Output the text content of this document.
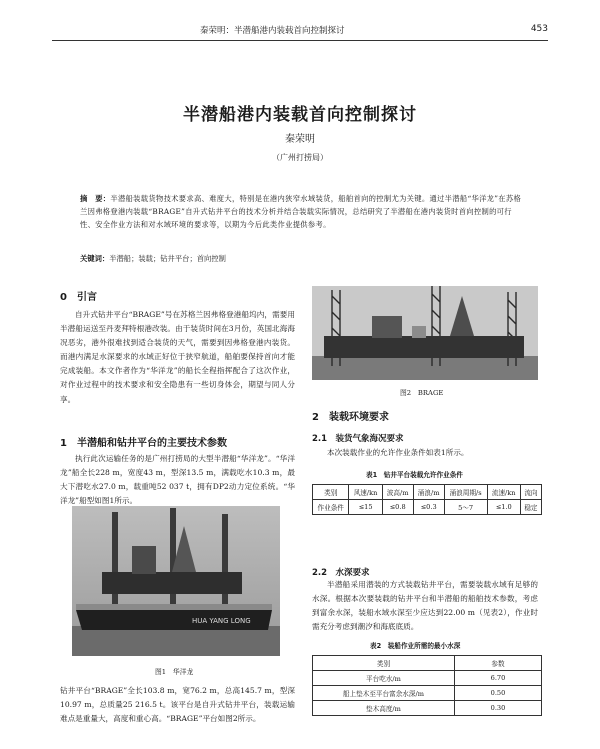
秦荣明：半潜船港内装载首向控制探讨	453
半潜船港内装载首向控制探讨
秦荣明
（广州打捞局）
摘　要：半潜船装载货物技术要求高、难度大，特别是在港内狭窄水域装货，船舶首向的控制尤为关键。通过半潜船“华洋龙”在苏格兰因弗格登港内装载“BRAGE”自升式钻井平台的技术分析并结合装载实际情况，总结研究了半潜船在港内装货时首向控制的可行性、安全作业方法和对水域环境的要求等，以期为今后此类作业提供参考。
关键词：半潜船；装载；钻井平台；首向控制
0　引言
自升式钻井平台“BRAGE”号在苏格兰因弗格登港船坞内，需要用半潜船运送至丹麦拜特根港改装。由于装货时间在3月份，英国北海海况恶劣，港外很难找到适合装货的天气，需要到因弗格登港内装货。而港内满足水深要求的水域正好位于狭窄航道，船舶要保持首向才能完成装船。本文作者作为“华洋龙”的船长全程指挥配合了这次作业，对作业过程中的技术要求和安全隐患有一些切身体会，期望与同人分享。
1　半潜船和钻井平台的主要技术参数
执行此次运输任务的是广州打捞局的大型半潜船“华洋龙”。“华洋龙”船全长228 m，宽度43 m，型深13.5 m，满载吃水10.3 m，最大下潜吃水27.0 m，载重吨52 037 t，拥有DP2动力定位系统。“华洋龙”船型如图1所示。
HUA YANG LONG
图1　华洋龙
钻井平台“BRAGE”全长103.8 m，宽76.2 m，总高145.7 m，型深10.97 m，总质量25 216.5 t。该平台是自升式钻井平台，装载运输难点是重量大，高度和重心高。“BRAGE”平台如图2所示。
图2　BRAGE
2　装载环境要求
2.1　装货气象海况要求
本次装载作业的允许作业条件如表1所示。
表1　钻井平台装载允许作业条件
类别	风速/kn	波高/m	涌浪/m	涌浪周期/s	流速/kn	流向
作业条件	≤15	≤0.8	≤0.3	5～7	≤1.0	稳定
2.2　水深要求
半潜船采用潜装的方式装载钻井平台，需要装载水域有足够的水深。根据本次要装载的钻井平台和半潜船的船舶技术参数，考虑到富余水深，装船水域水深至少应达到22.00 m（见表2），作业时需充分考虑到潮汐和海底底质。
表2　装船作业所需的最小水深
类别	参数
平台吃水/m	6.70
船上垫木至平台富余水深/m	0.50
垫木高度/m	0.30
